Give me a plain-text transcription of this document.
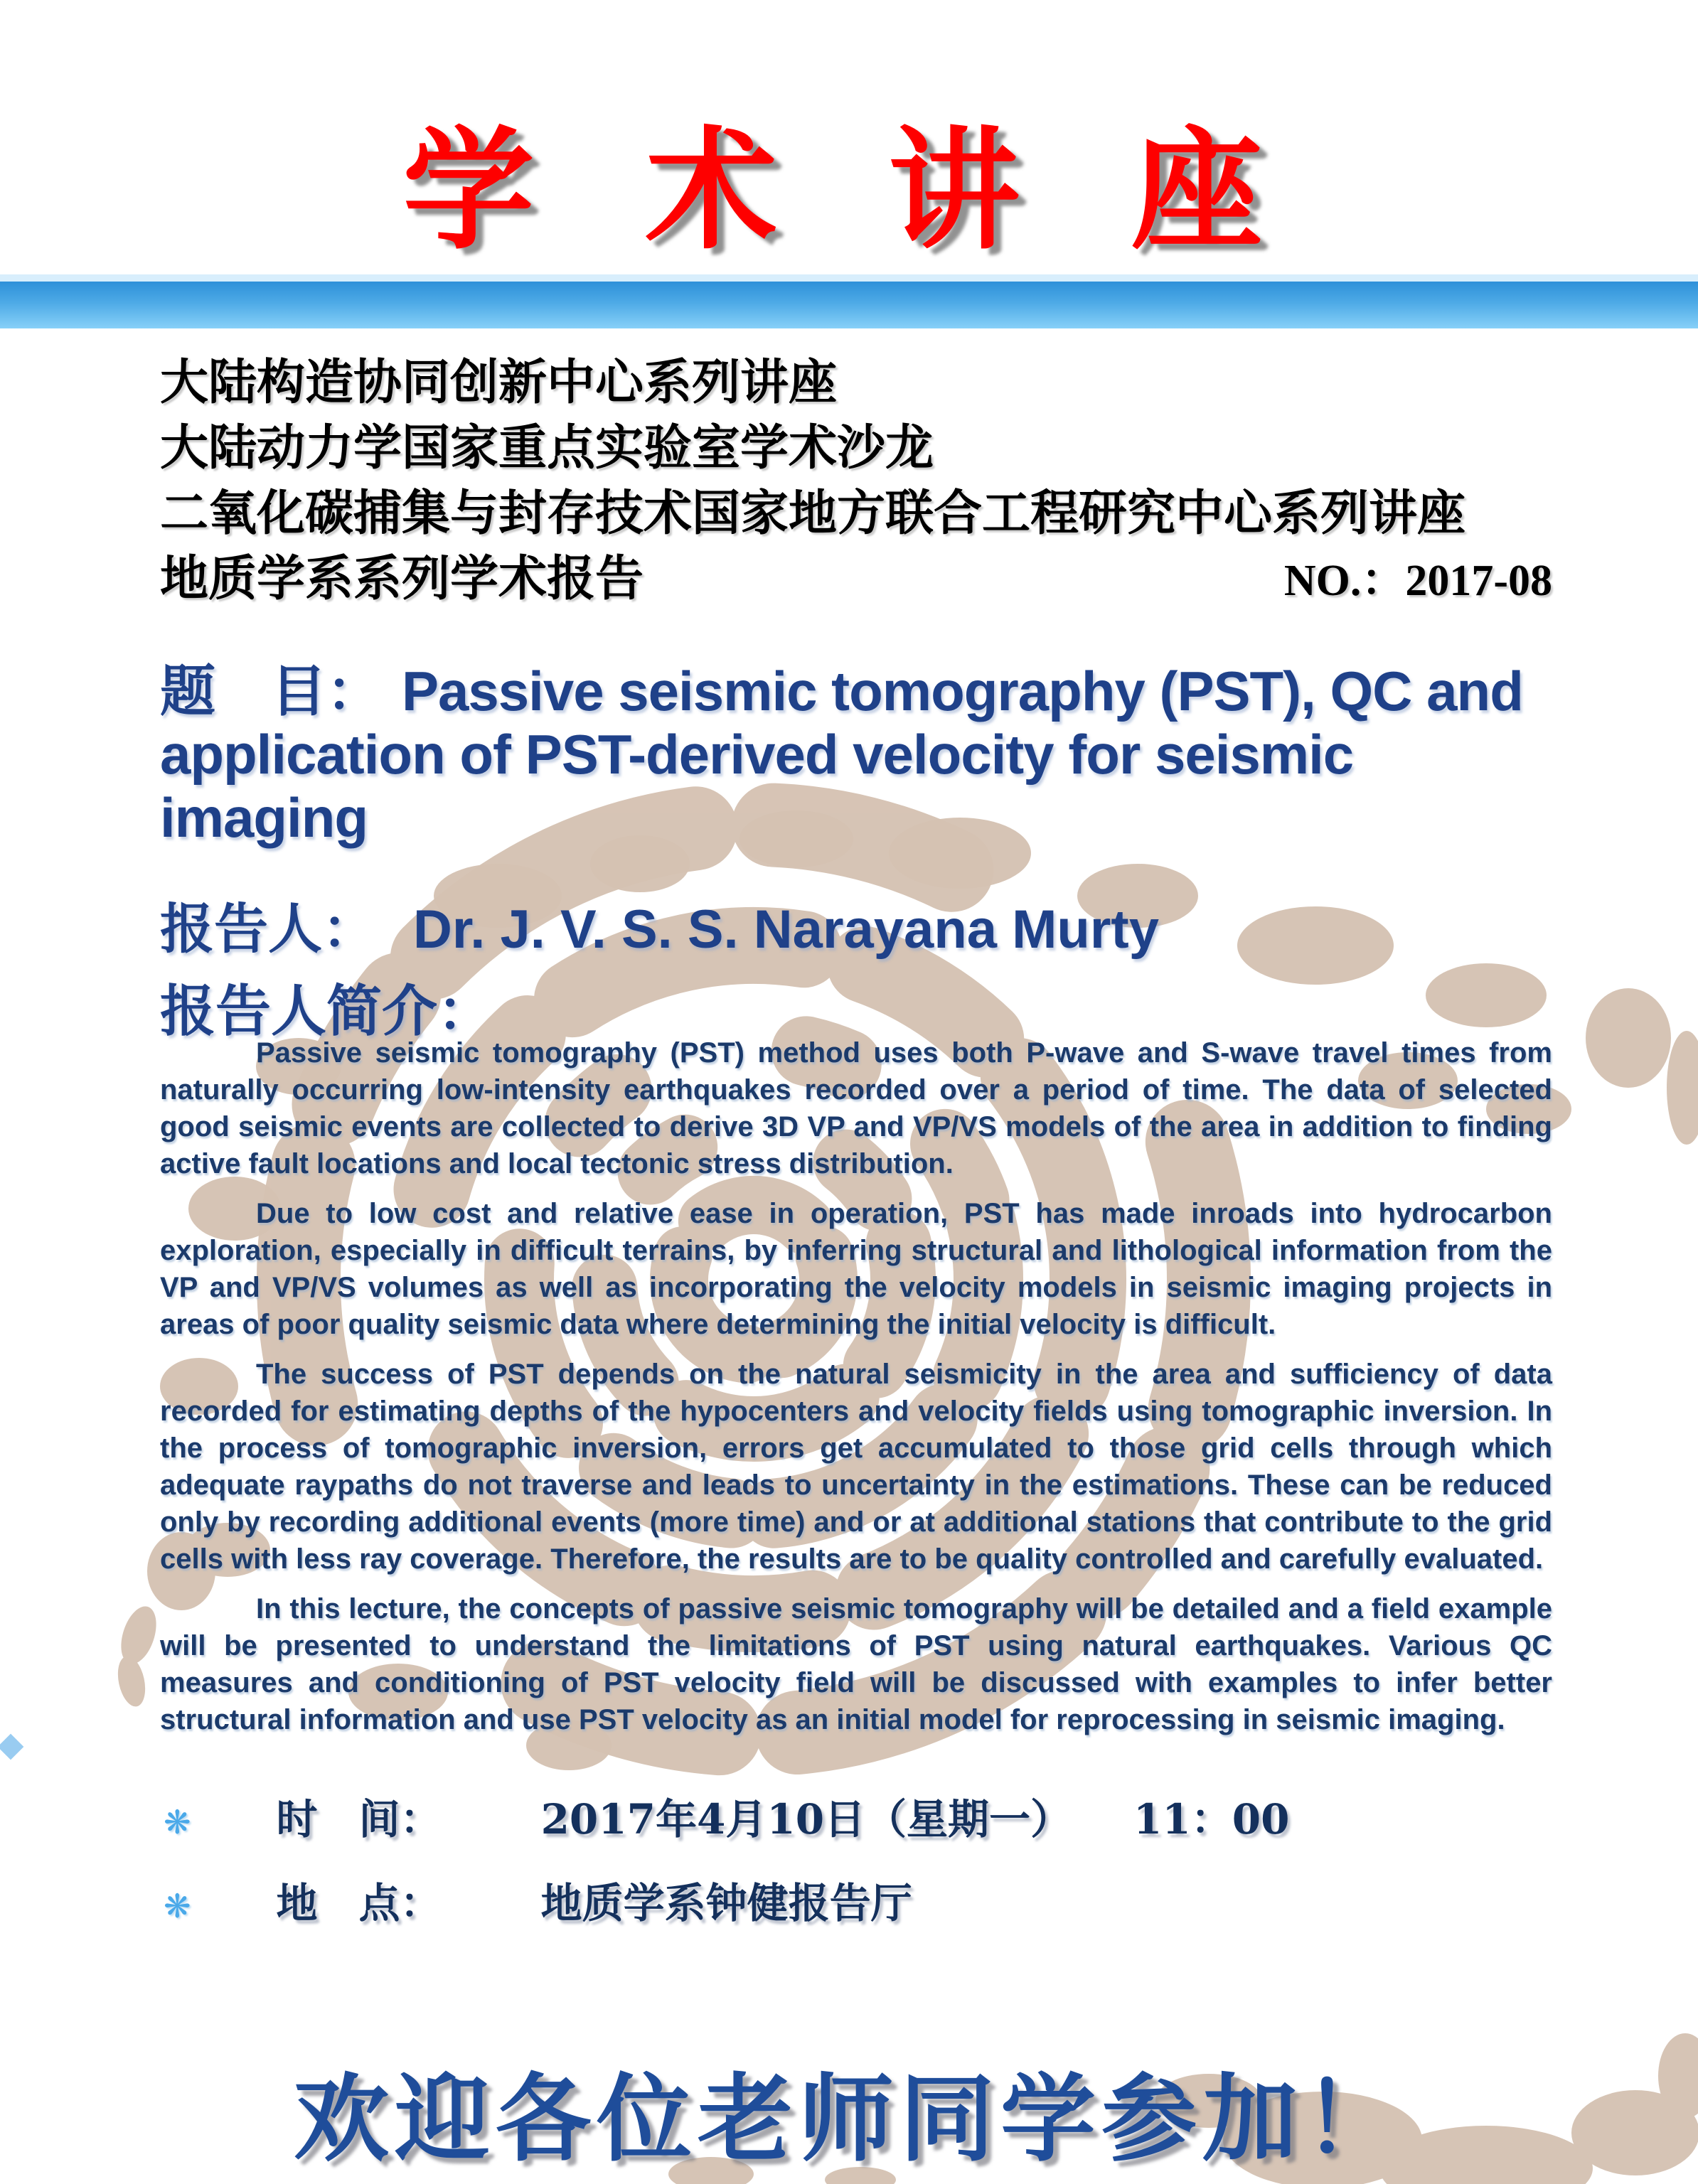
学 术 讲 座
大陆构造协同创新中心系列讲座
大陆动力学国家重点实验室学术沙龙
二氧化碳捕集与封存技术国家地方联合工程研究中心系列讲座
地质学系系列学术报告	NO.：2017-08
题　目： Passive seismic tomography (PST), QC and application of PST-derived velocity for seismic imaging
报告人： Dr. J. V. S. S. Narayana Murty
报告人简介：

Passive seismic tomography (PST) method uses both P-wave and S-wave travel times from naturally occurring low-intensity earthquakes recorded over a period of time. The data of selected good seismic events are collected to derive 3D VP and VP/VS models of the area in addition to finding active fault locations and local tectonic stress distribution.

Due to low cost and relative ease in operation, PST has made inroads into hydrocarbon exploration, especially in difficult terrains, by inferring structural and lithological information from the VP and VP/VS volumes as well as incorporating the velocity models in seismic imaging projects in areas of poor quality seismic data where determining the initial velocity is difficult.

The success of PST depends on the natural seismicity in the area and sufficiency of data recorded for estimating depths of the hypocenters and velocity fields using tomographic inversion. In the process of tomographic inversion, errors get accumulated to those grid cells through which adequate raypaths do not traverse and leads to uncertainty in the estimations. These can be reduced only by recording additional events (more time) and or at additional stations that contribute to the grid cells with less ray coverage. Therefore, the results are to be quality controlled and carefully evaluated.

In this lecture, the concepts of passive seismic tomography will be detailed and a field example will be presented to understand the limitations of PST using natural earthquakes. Various QC measures and conditioning of PST velocity field will be discussed with examples to infer better structural information and use PST velocity as an initial model for reprocessing in seismic imaging.

❋ 时　间： 2017年4月10日（星期一）　　11：00
❋ 地　点： 地质学系钟健报告厅
欢迎各位老师同学参加！
